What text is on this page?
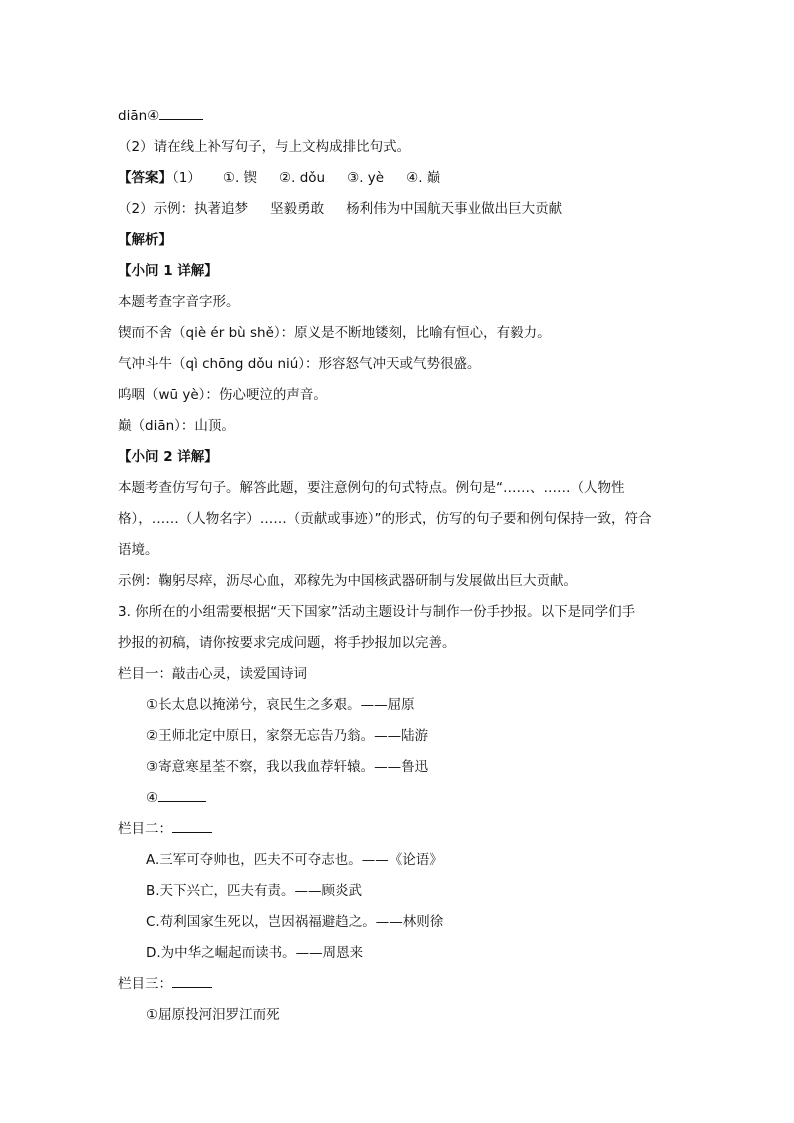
diān④

（2）请在线上补写句子，与上文构成排比句式。

【答案】（1） ①. 锲 ②. dǒu ③. yè ④. 巅

（2）示例：执著追梦 坚毅勇敢 杨利伟为中国航天事业做出巨大贡献

【解析】

【小问 1 详解】

本题考查字音字形。

锲而不舍（qiè ér bù shě）：原义是不断地镂刻，比喻有恒心，有毅力。

气冲斗牛（qì chōng dǒu niú）：形容怒气冲天或气势很盛。

呜咽（wū yè）：伤心哽泣的声音。

巅（diān）：山顶。

【小问 2 详解】

本题考查仿写句子。解答此题，要注意例句的句式特点。例句是“……、……（人物性

格），……（人物名字）……（贡献或事迹）”的形式，仿写的句子要和例句保持一致，符合

语境。

示例：鞠躬尽瘁，沥尽心血，邓稼先为中国核武器研制与发展做出巨大贡献。

3. 你所在的小组需要根据“天下国家”活动主题设计与制作一份手抄报。以下是同学们手

抄报的初稿，请你按要求完成问题，将手抄报加以完善。

栏目一：敲击心灵，读爱国诗词

①长太息以掩涕兮，哀民生之多艰。——屈原

②王师北定中原日，家祭无忘告乃翁。——陆游

③寄意寒星荃不察，我以我血荐轩辕。——鲁迅

④

栏目二：

A.三军可夺帅也，匹夫不可夺志也。——《论语》

B.天下兴亡，匹夫有责。——顾炎武

C.苟利国家生死以，岂因祸福避趋之。——林则徐

D.为中华之崛起而读书。——周恩来

栏目三：

①屈原投河汨罗江而死
